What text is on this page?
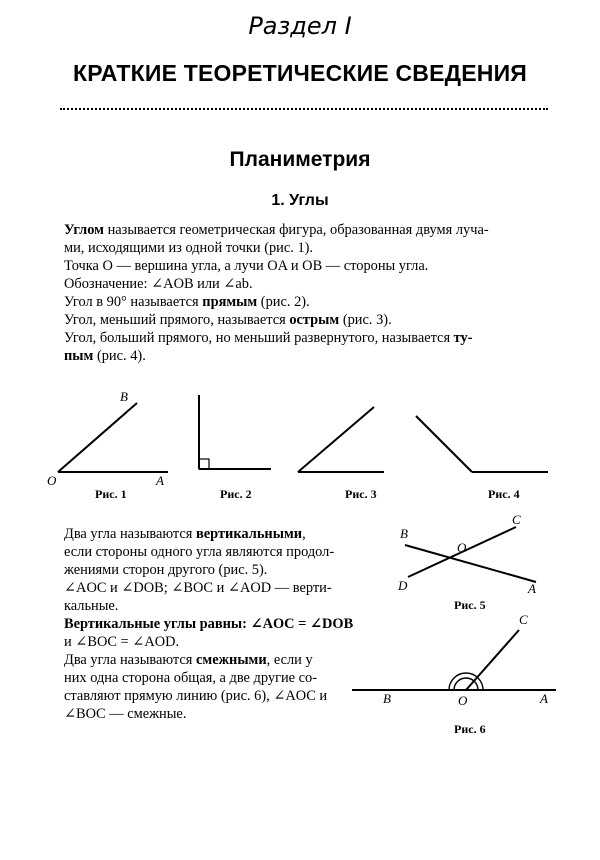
Раздел I
КРАТКИЕ ТЕОРЕТИЧЕСКИЕ СВЕДЕНИЯ
Планиметрия
1. Углы
Углом называется геометрическая фигура, образованная двумя луча-
ми, исходящими из одной точки (рис. 1).
Точка O — вершина угла, а лучи OA и OB — стороны угла.
Обозначение: ∠AOB или ∠ab.
Угол в 90° называется прямым (рис. 2).
Угол, меньший прямого, называется острым (рис. 3).
Угол, больший прямого, но меньший развернутого, называется ту-
пым (рис. 4).
B
O	A
B
C
O
D	A
C
B	O	A
Рис. 1	Рис. 2	Рис. 3	Рис. 4
Два угла называются вертикальными,
если стороны одного угла являются продол-
жениями сторон другого (рис. 5).
∠AOC и ∠DOB; ∠BOC и ∠AOD — верти-
кальные.
Вертикальные углы равны: ∠AOC = ∠DOB
и ∠BOC = ∠AOD.
Два угла называются смежными, если у
них одна сторона общая, а две другие со-
ставляют прямую линию (рис. 6), ∠AOC и
∠BOC — смежные.
Рис. 5
Рис. 6
